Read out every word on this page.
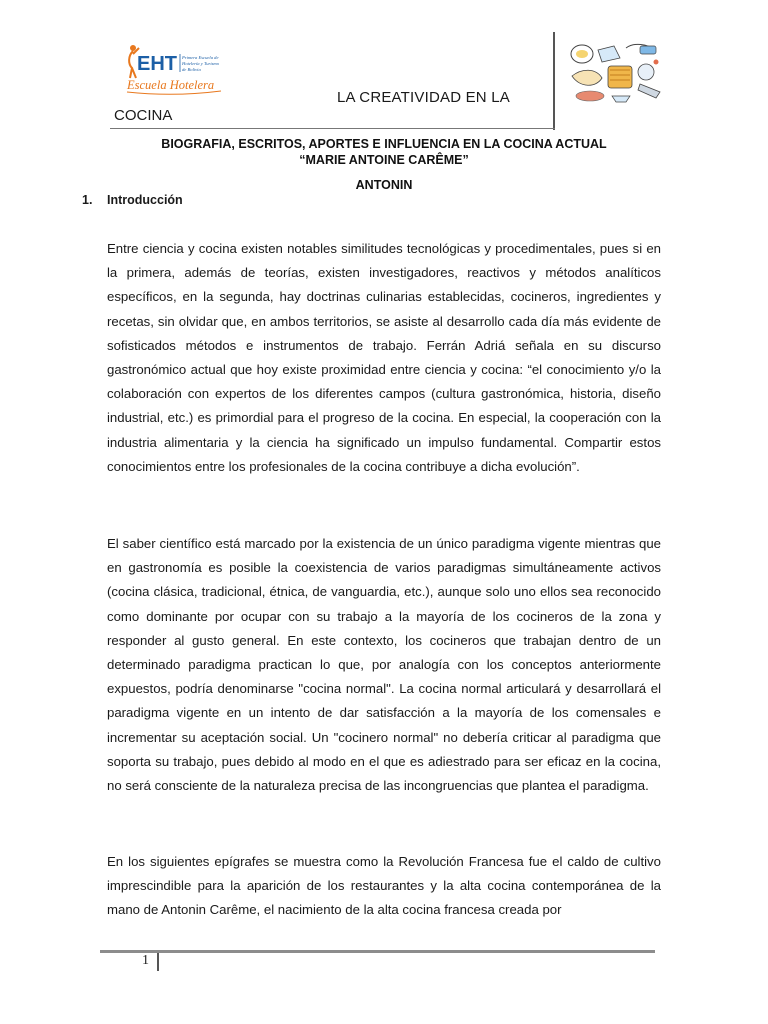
EHT Primera Escuela de
Hotelería y Turismo
de Bolivia
Escuela Hotelera
LA CREATIVIDAD EN LA
COCINA
BIOGRAFIA, ESCRITOS, APORTES E INFLUENCIA EN LA COCINA ACTUAL
“MARIE ANTOINE CARÊME”
ANTONIN
1. Introducción

Entre ciencia y cocina existen notables similitudes tecnológicas y procedimentales, pues si en la primera, además de teorías, existen investigadores, reactivos y métodos analíticos específicos, en la segunda, hay doctrinas culinarias establecidas, cocineros, ingredientes y recetas, sin olvidar que, en ambos territorios, se asiste al desarrollo cada día más evidente de sofisticados métodos e instrumentos de trabajo. Ferrán Adriá señala en su discurso gastronómico actual que hoy existe proximidad entre ciencia y cocina: “el conocimiento y/o la colaboración con expertos de los diferentes campos (cultura gastronómica, historia, diseño industrial, etc.) es primordial para el progreso de la cocina. En especial, la cooperación con la industria alimentaria y la ciencia ha significado un impulso fundamental. Compartir estos conocimientos entre los profesionales de la cocina contribuye a dicha evolución”.

El saber científico está marcado por la existencia de un único paradigma vigente mientras que en gastronomía es posible la coexistencia de varios paradigmas simultáneamente activos (cocina clásica, tradicional, étnica, de vanguardia, etc.), aunque solo uno ellos sea reconocido como dominante por ocupar con su trabajo a la mayoría de los cocineros de la zona y responder al gusto general. En este contexto, los cocineros que trabajan dentro de un determinado paradigma practican lo que, por analogía con los conceptos anteriormente expuestos, podría denominarse "cocina normal". La cocina normal articulará y desarrollará el paradigma vigente en un intento de dar satisfacción a la mayoría de los comensales e incrementar su aceptación social. Un "cocinero normal" no debería criticar al paradigma que soporta su trabajo, pues debido al modo en el que es adiestrado para ser eficaz en la cocina, no será consciente de la naturaleza precisa de las incongruencias que plantea el paradigma.

En los siguientes epígrafes se muestra como la Revolución Francesa fue el caldo de cultivo imprescindible para la aparición de los restaurantes y la alta cocina contemporánea de la mano de Antonin Carême, el nacimiento de la alta cocina francesa creada por

1
